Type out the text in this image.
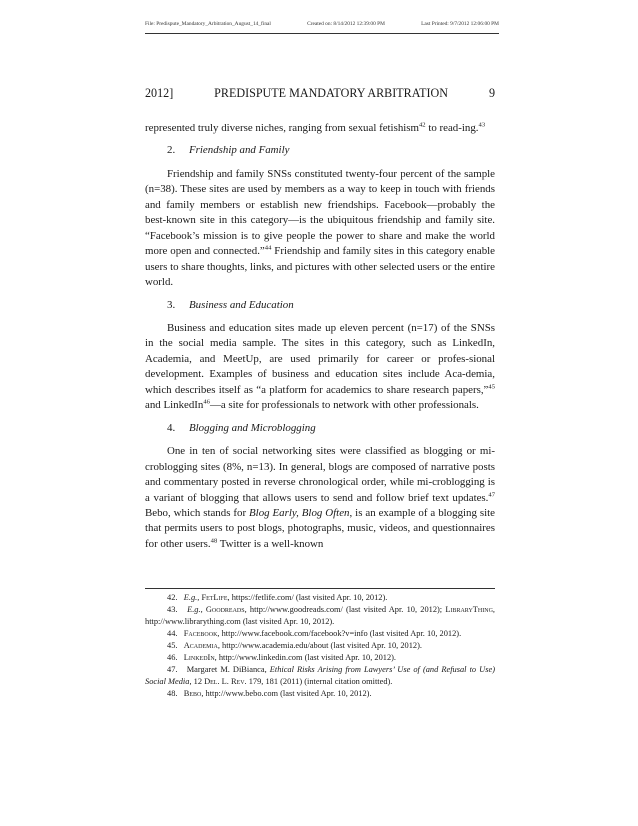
File: Predispute_Mandatory_Arbitration_August_14_final	Created on: 8/14/2012 12:39:00 PM	Last Printed: 9/7/2012 12:06:00 PM
2012]	PREDISPUTE MANDATORY ARBITRATION	9

represented truly diverse niches, ranging from sexual fetishism$^{42}$ to read-ing.$^{43}$

2. Friendship and Family

Friendship and family SNSs constituted twenty-four percent of the sample (n=38). These sites are used by members as a way to keep in touch with friends and family members or establish new friendships. Facebook—probably the best-known site in this category—is the ubiquitous friendship and family site. “Facebook’s mission is to give people the power to share and make the world more open and connected.”$^{44}$ Friendship and family sites in this category enable users to share thoughts, links, and pictures with other selected users or the entire world.

3. Business and Education

Business and education sites made up eleven percent (n=17) of the SNSs in the social media sample. The sites in this category, such as LinkedIn, Academia, and MeetUp, are used primarily for career or profes-sional development. Examples of business and education sites include Aca-demia, which describes itself as “a platform for academics to share research papers,”$^{45}$ and LinkedIn$^{46}$—a site for professionals to network with other professionals.

4. Blogging and Microblogging

One in ten of social networking sites were classified as blogging or mi-croblogging sites (8%, n=13). In general, blogs are composed of narrative posts and commentary posted in reverse chronological order, while mi-croblogging is a variant of blogging that allows users to send and follow brief text updates.$^{47}$ Bebo, which stands for Blog Early, Blog Often, is an example of a blogging site that permits users to post blogs, photographs, music, videos, and questionnaires for other users.$^{48}$ Twitter is a well-known

42. E.g., FetLife, https://fetlife.com/ (last visited Apr. 10, 2012).

43. E.g., Goodreads, http://www.goodreads.com/ (last visited Apr. 10, 2012); LibraryThing, http://www.librarything.com (last visited Apr. 10, 2012).

44. Facebook, http://www.facebook.com/facebook?v=info (last visited Apr. 10, 2012).

45. Academia, http://www.academia.edu/about (last visited Apr. 10, 2012).

46. LinkedIn, http://www.linkedin.com (last visited Apr. 10, 2012).

47. Margaret M. DiBianca, Ethical Risks Arising from Lawyers’ Use of (and Refusal to Use) Social Media, 12 Del. L. Rev. 179, 181 (2011) (internal citation omitted).

48. Bebo, http://www.bebo.com (last visited Apr. 10, 2012).
